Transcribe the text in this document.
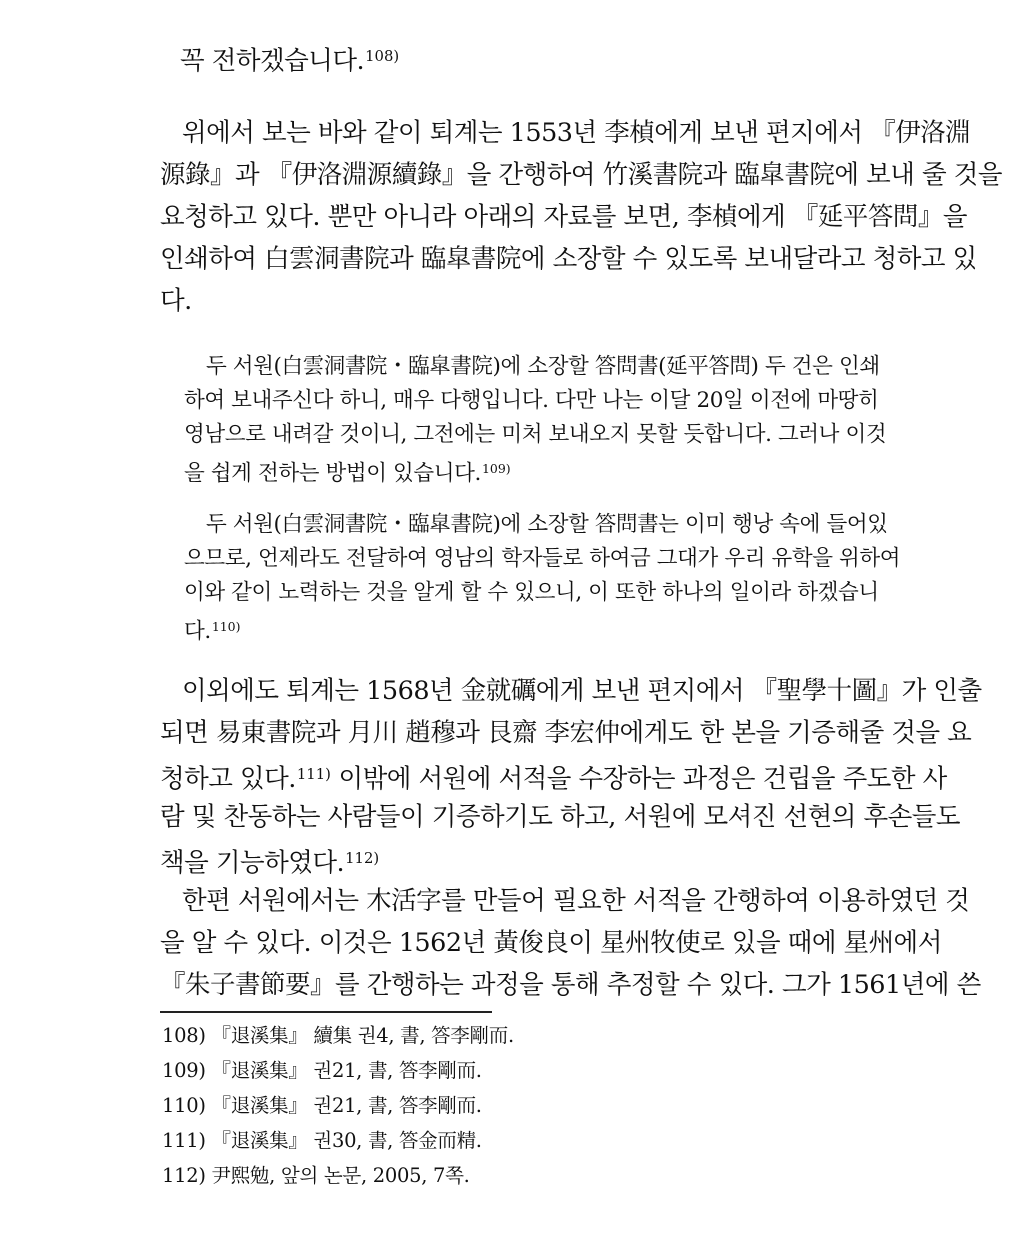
꼭 전하겠습니다.$^{108)}$
위에서 보는 바와 같이 퇴계는 1553년 李楨에게 보낸 편지에서 『伊洛淵
源錄』과 『伊洛淵源續錄』을 간행하여 竹溪書院과 臨皐書院에 보내 줄 것을
요청하고 있다. 뿐만 아니라 아래의 자료를 보면, 李楨에게 『延平答問』을
인쇄하여 白雲洞書院과 臨皐書院에 소장할 수 있도록 보내달라고 청하고 있
다.
두 서원(白雲洞書院・臨皐書院)에 소장할 答問書(延平答問) 두 건은 인쇄
하여 보내주신다 하니, 매우 다행입니다. 다만 나는 이달 20일 이전에 마땅히
영남으로 내려갈 것이니, 그전에는 미처 보내오지 못할 듯합니다. 그러나 이것
을 쉽게 전하는 방법이 있습니다.$^{109)}$
두 서원(白雲洞書院・臨皐書院)에 소장할 答問書는 이미 행낭 속에 들어있
으므로, 언제라도 전달하여 영남의 학자들로 하여금 그대가 우리 유학을 위하여
이와 같이 노력하는 것을 알게 할 수 있으니, 이 또한 하나의 일이라 하겠습니
다.$^{110)}$
이외에도 퇴계는 1568년 金就礪에게 보낸 편지에서 『聖學十圖』가 인출
되면 易東書院과 月川 趙穆과 艮齋 李宏仲에게도 한 본을 기증해줄 것을 요
청하고 있다.$^{111)}$ 이밖에 서원에 서적을 수장하는 과정은 건립을 주도한 사
람 및 찬동하는 사람들이 기증하기도 하고, 서원에 모셔진 선현의 후손들도
책을 기능하였다.$^{112)}$
한편 서원에서는 木活字를 만들어 필요한 서적을 간행하여 이용하였던 것
을 알 수 있다. 이것은 1562년 黃俊良이 星州牧使로 있을 때에 星州에서
『朱子書節要』를 간행하는 과정을 통해 추정할 수 있다. 그가 1561년에 쓴
108) 『退溪集』 續集 권4, 書, 答李剛而.
109) 『退溪集』 권21, 書, 答李剛而.
110) 『退溪集』 권21, 書, 答李剛而.
111) 『退溪集』 권30, 書, 答金而精.
112) 尹熙勉, 앞의 논문, 2005, 7쪽.
